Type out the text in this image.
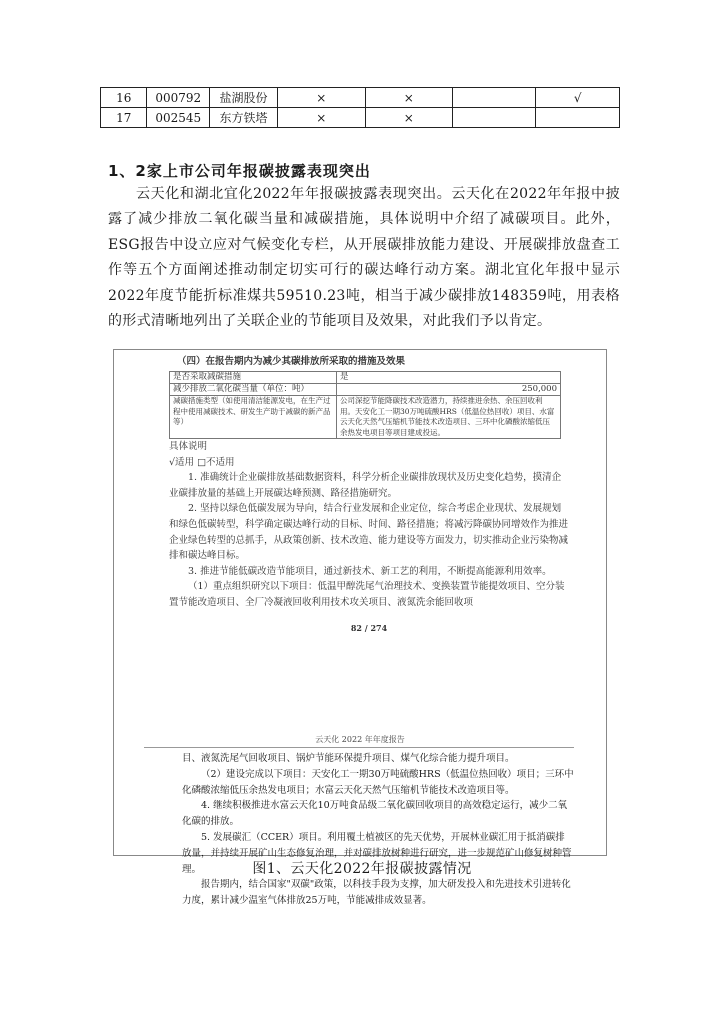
16	000792	盐湖股份	×	×		√
17	002545	东方铁塔	×	×		
1、2家上市公司年报碳披露表现突出

云天化和湖北宜化2022年年报碳披露表现突出。云天化在2022年年报中披露了减少排放二氧化碳当量和减碳措施，具体说明中介绍了减碳项目。此外，ESG报告中设立应对气候变化专栏，从开展碳排放能力建设、开展碳排放盘查工作等五个方面阐述推动制定切实可行的碳达峰行动方案。湖北宜化年报中显示2022年度节能折标准煤共59510.23吨，相当于减少碳排放148359吨，用表格的形式清晰地列出了关联企业的节能项目及效果，对此我们予以肯定。

（四）在报告期内为减少其碳排放所采取的措施及效果
是否采取减碳措施	是
减少排放二氧化碳当量（单位：吨）	250,000
减碳措施类型（如使用清洁能源发电，在生产过程中使用减碳技术、研发生产助于减碳的新产品等）	公司深挖节能降碳技术改造潜力，持续推进余热、余压回收利用。天安化工一期30万吨硫酸HRS（低温位热回收）项目、水富云天化天然气压缩机节能技术改造项目、三环中化磷酸浓缩低压余热发电项目等项目建成投运。

具体说明

√适用 □不适用

1. 准确统计企业碳排放基础数据资料，科学分析企业碳排放现状及历史变化趋势，摸清企业碳排放量的基础上开展碳达峰预测、路径措施研究。

2. 坚持以绿色低碳发展为导向，结合行业发展和企业定位，综合考虑企业现状、发展规划和绿色低碳转型，科学确定碳达峰行动的目标、时间、路径措施；将减污降碳协同增效作为推进企业绿色转型的总抓手，从政策创新、技术改造、能力建设等方面发力，切实推动企业污染物减排和碳达峰目标。

3. 推进节能低碳改造节能项目，通过新技术、新工艺的利用，不断提高能源利用效率。

（1）重点组织研究以下项目：低温甲醇洗尾气治理技术、变换装置节能提效项目、空分装置节能改造项目、全厂冷凝液回收利用技术攻关项目、液氮洗余能回收项

82 / 274
云天化 2022 年年度报告

目、液氮洗尾气回收项目、锅炉节能环保提升项目、煤气化综合能力提升项目。

（2）建设完成以下项目：天安化工一期30万吨硫酸HRS（低温位热回收）项目；三环中化磷酸浓缩低压余热发电项目；水富云天化天然气压缩机节能技术改造项目等。

4. 继续积极推进水富云天化10万吨食品级二氧化碳回收项目的高效稳定运行，减少二氧化碳的排放。

5. 发展碳汇（CCER）项目。利用覆土植被区的先天优势，开展林业碳汇用于抵消碳排放量，并持续开展矿山生态修复治理，并对碳排放树种进行研究，进一步规范矿山修复树种管理。

报告期内，结合国家"双碳"政策，以科技手段为支撑，加大研发投入和先进技术引进转化力度，累计减少温室气体排放25万吨，节能减排成效显著。

图1、云天化2022年报碳披露情况
